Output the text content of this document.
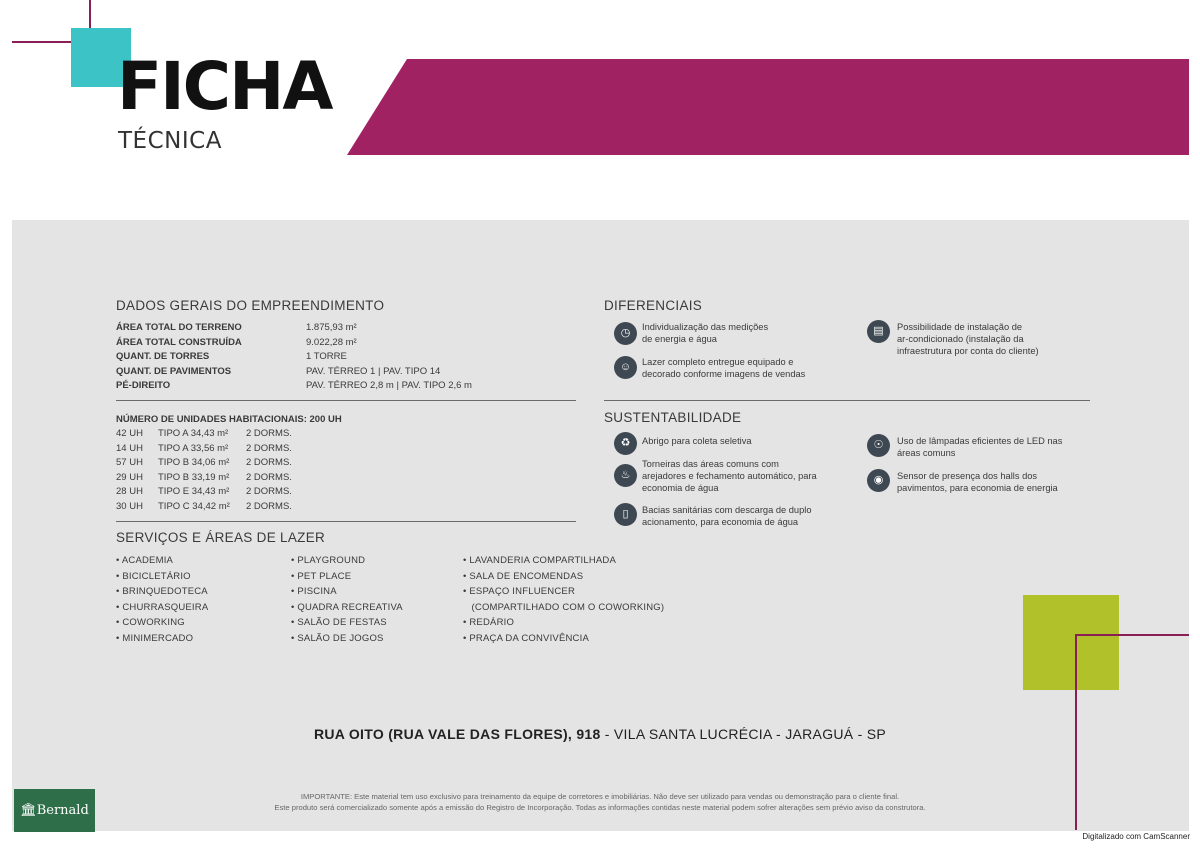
FICHA
TÉCNICA
DADOS GERAIS DO EMPREENDIMENTO
NÚMERO DE UNIDADES HABITACIONAIS: 200 UH
SERVIÇOS E ÁREAS DE LAZER
DIFERENCIAIS
◷	Individualização das medições
de energia e água
☺	Lazer completo entregue equipado e
decorado conforme imagens de vendas
▤	Possibilidade de instalação de
ar-condicionado (instalação da
infraestrutura por conta do cliente)
SUSTENTABILIDADE
♻	Abrigo para coleta seletiva
♨
Torneiras das áreas comuns com
arejadores e fechamento automático, para
economia de água
▯	Bacias sanitárias com descarga de duplo
acionamento, para economia de água
☉	Uso de lâmpadas eficientes de LED nas
áreas comuns
◉	Sensor de presença dos halls dos
pavimentos, para economia de energia
RUA OITO (RUA VALE DAS FLORES), 918 - VILA SANTA LUCRÉCIA - JARAGUÁ - SP
IMPORTANTE: Este material tem uso exclusivo para treinamento da equipe de corretores e imobiliárias. Não deve ser utilizado para vendas ou demonstração para o cliente final.
Este produto será comercializado somente após a emissão do Registro de Incorporação. Todas as informações contidas neste material podem sofrer alterações sem prévio aviso da construtora.
🏛 Bernald
Digitalizado com CamScanner
ÁREA TOTAL DO TERRENO	1.875,93 m²
ÁREA TOTAL CONSTRUÍDA	9.022,28 m²
QUANT. DE TORRES	1 TORRE
QUANT. DE PAVIMENTOS	PAV. TÉRREO 1 | PAV. TIPO 14
PÉ-DIREITO	PAV. TÉRREO 2,8 m | PAV. TIPO 2,6 m
42 UH TIPO A 34,43 m² 2 DORMS.
14 UH TIPO A 33,56 m² 2 DORMS.
57 UH TIPO B 34,06 m² 2 DORMS.
29 UH TIPO B 33,19 m² 2 DORMS.
28 UH TIPO E 34,43 m² 2 DORMS.
30 UH TIPO C 34,42 m² 2 DORMS.
• ACADEMIA
• BICICLETÁRIO
• BRINQUEDOTECA
• CHURRASQUEIRA
• COWORKING
• MINIMERCADO
• PLAYGROUND
• PET PLACE
• PISCINA
• QUADRA RECREATIVA
• SALÃO DE FESTAS
• SALÃO DE JOGOS
• LAVANDERIA COMPARTILHADA
• SALA DE ENCOMENDAS
• ESPAÇO INFLUENCER
(COMPARTILHADO COM O COWORKING)
• REDÁRIO
• PRAÇA DA CONVIVÊNCIA
